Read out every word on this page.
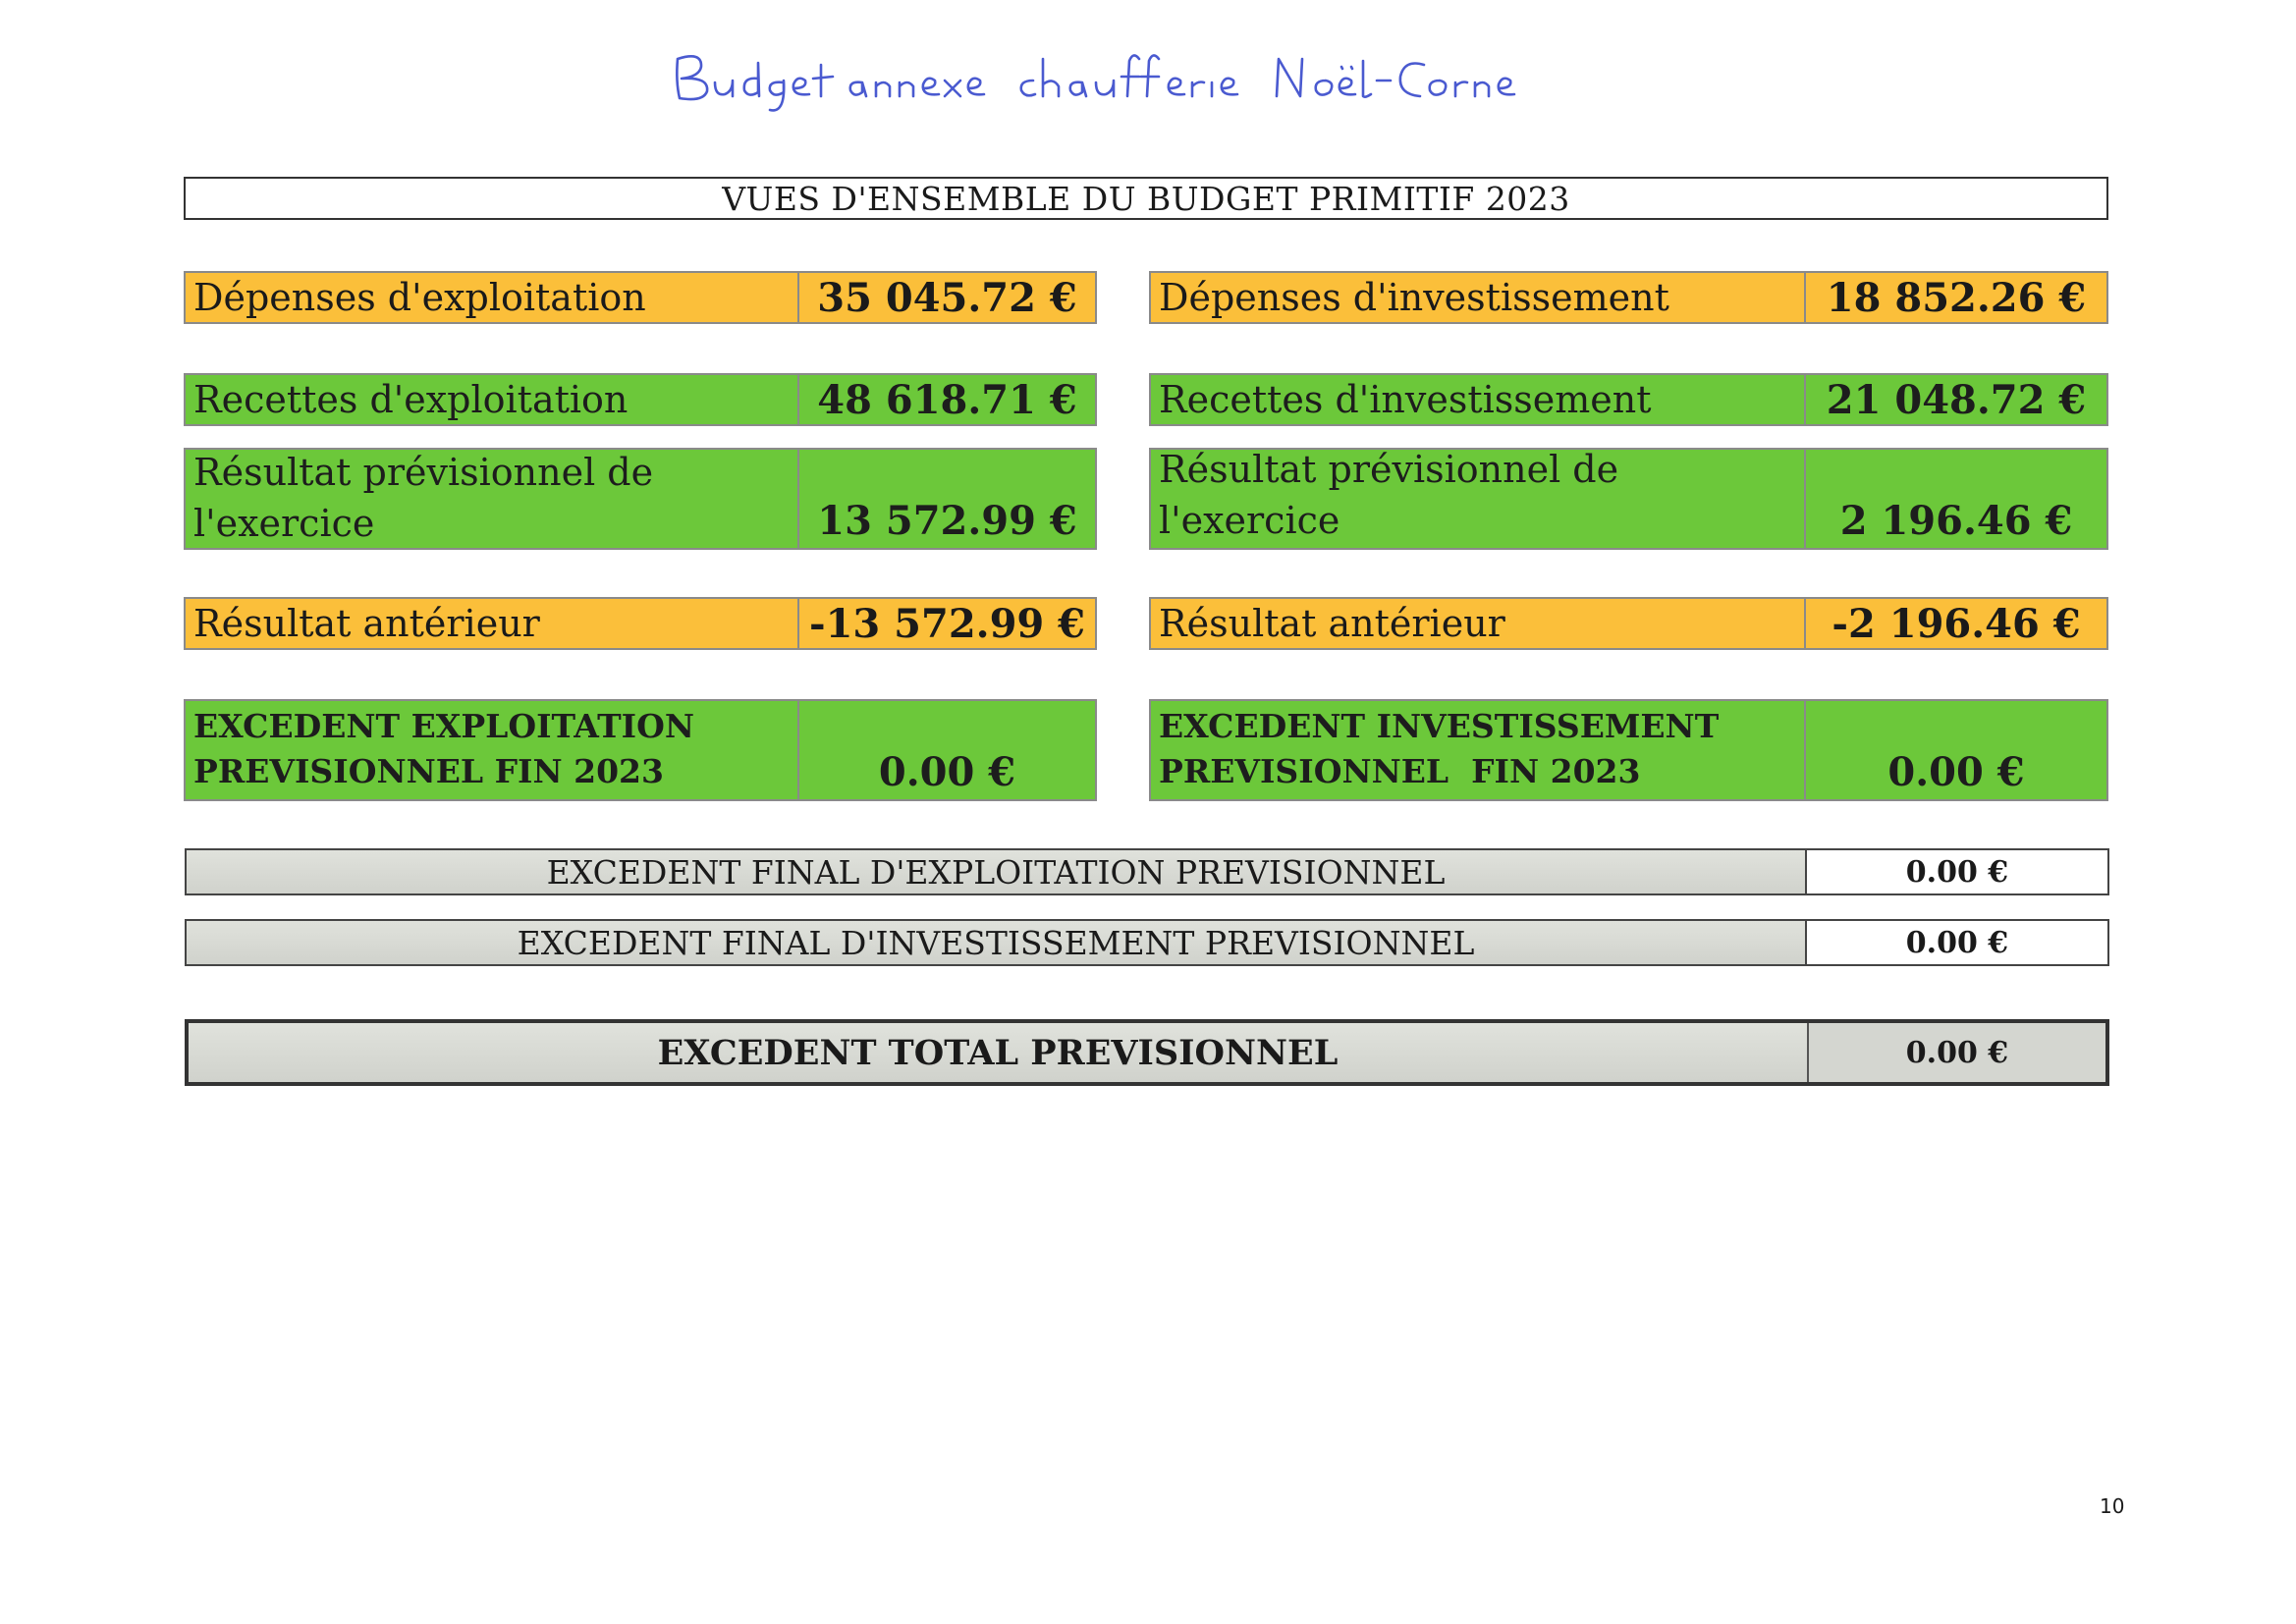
VUES D'ENSEMBLE DU BUDGET PRIMITIF 2023
Dépenses d'exploitation	35 045.72 €	Dépenses d'investissement	18 852.26 €
Recettes d'exploitation	48 618.71 €	Recettes d'investissement	21 048.72 €
Résultat prévisionnel de
l'exercice	13 572.99 €
Résultat prévisionnel de l'exercice	2 196.46 €
Résultat antérieur	-13 572.99 € Résultat antérieur	-2 196.46 €
EXCEDENT EXPLOITATION
PREVISIONNEL FIN 2023	0.00 €
EXCEDENT INVESTISSEMENT
PREVISIONNEL  FIN 2023	0.00 €
EXCEDENT FINAL D'EXPLOITATION PREVISIONNEL	0.00 €
EXCEDENT FINAL D'INVESTISSEMENT PREVISIONNEL	0.00 €
EXCEDENT TOTAL PREVISIONNEL	0.00 €
10
